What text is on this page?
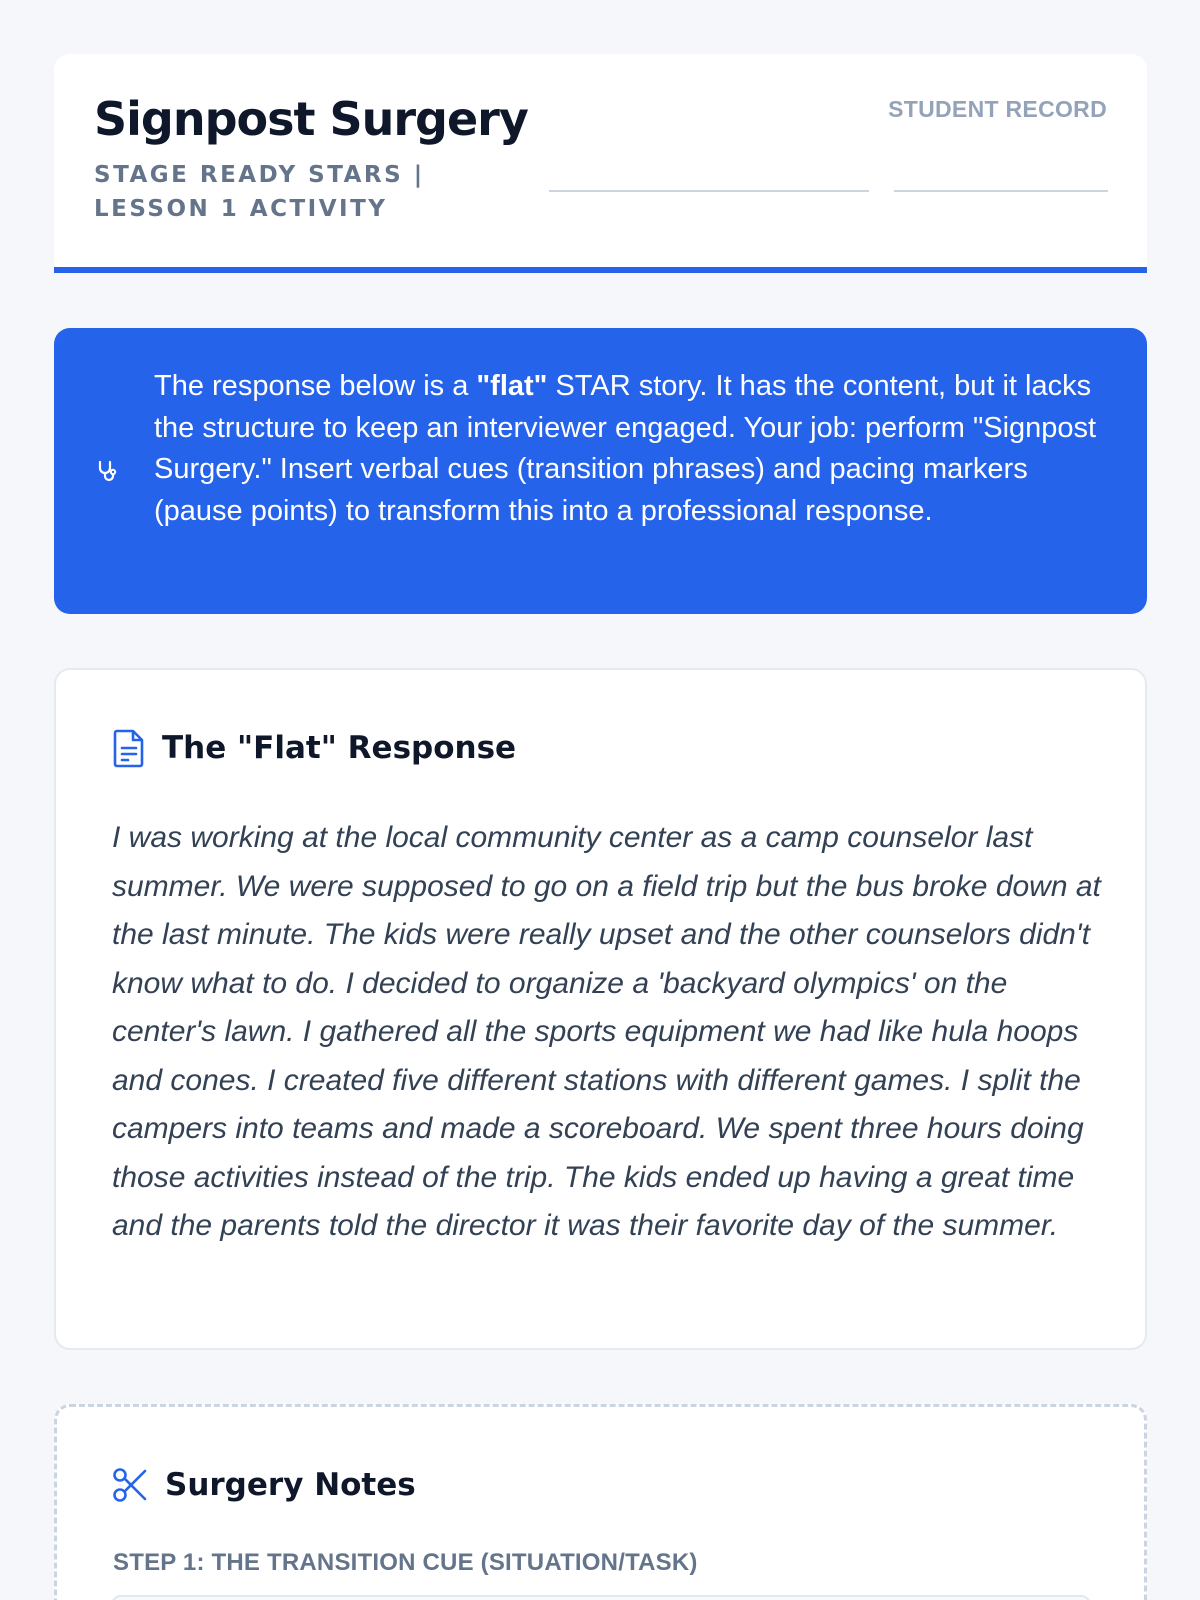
Signpost Surgery
STAGE READY STARS | LESSON 1 ACTIVITY
STUDENT RECORD

The response below is a "flat" STAR story. It has the content, but it lacks the structure to keep an interviewer engaged. Your job: perform "Signpost Surgery." Insert verbal cues (transition phrases) and pacing markers (pause points) to transform this into a professional response.

The "Flat" Response

I was working at the local community center as a camp counselor last summer. We were supposed to go on a field trip but the bus broke down at the last minute. The kids were really upset and the other counselors didn't know what to do. I decided to organize a 'backyard olympics' on the center's lawn. I gathered all the sports equipment we had like hula hoops and cones. I created five different stations with different games. I split the campers into teams and made a scoreboard. We spent three hours doing those activities instead of the trip. The kids ended up having a great time and the parents told the director it was their favorite day of the summer.

Surgery Notes
STEP 1: THE TRANSITION CUE (SITUATION/TASK)
